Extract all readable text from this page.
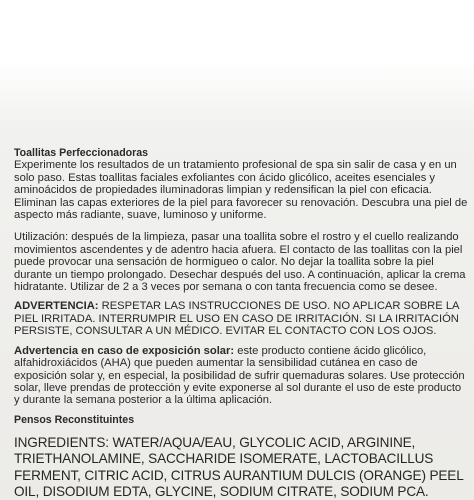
Toallitas Perfeccionadoras

Experimente los resultados de un tratamiento profesional de spa sin salir de casa y en un solo paso. Estas toallitas faciales exfoliantes con ácido glicólico, aceites esenciales y aminoácidos de propiedades iluminadoras limpian y redensifican la piel con eficacia. Eliminan las capas exteriores de la piel para favorecer su renovación. Descubra una piel de aspecto más radiante, suave, luminoso y uniforme.

Utilización: después de la limpieza, pasar una toallita sobre el rostro y el cuello realizando movimientos ascendentes y de adentro hacia afuera. El contacto de las toallitas con la piel puede provocar una sensación de hormigueo o calor. No dejar la toallita sobre la piel durante un tiempo prolongado. Desechar después del uso. A continuación, aplicar la crema hidratante. Utilizar de 2 a 3 veces por semana o con tanta frecuencia como se desee.

ADVERTENCIA: RESPETAR LAS INSTRUCCIONES DE USO. NO APLICAR SOBRE LA PIEL IRRITADA. INTERRUMPIR EL USO EN CASO DE IRRITACIÓN. SI LA IRRITACIÓN PERSISTE, CONSULTAR A UN MÉDICO. EVITAR EL CONTACTO CON LOS OJOS.

Advertencia en caso de exposición solar: este producto contiene ácido glicólico, alfahidroxiácidos (AHA) que pueden aumentar la sensibilidad cutánea en caso de exposición solar y, en especial, la posibilidad de sufrir quemaduras solares. Use protección solar, lleve prendas de protección y evite exponerse al sol durante el uso de este producto y durante la semana posterior a la última aplicación.

Pensos Reconstituintes

INGREDIENTS: WATER/AQUA/EAU, GLYCOLIC ACID, ARGININE, TRIETHANOLAMINE, SACCHARIDE ISOMERATE, LACTOBACILLUS FERMENT, CITRIC ACID, CITRUS AURANTIUM DULCIS (ORANGE) PEEL OIL, DISODIUM EDTA, GLYCINE, SODIUM CITRATE, SODIUM PCA.
